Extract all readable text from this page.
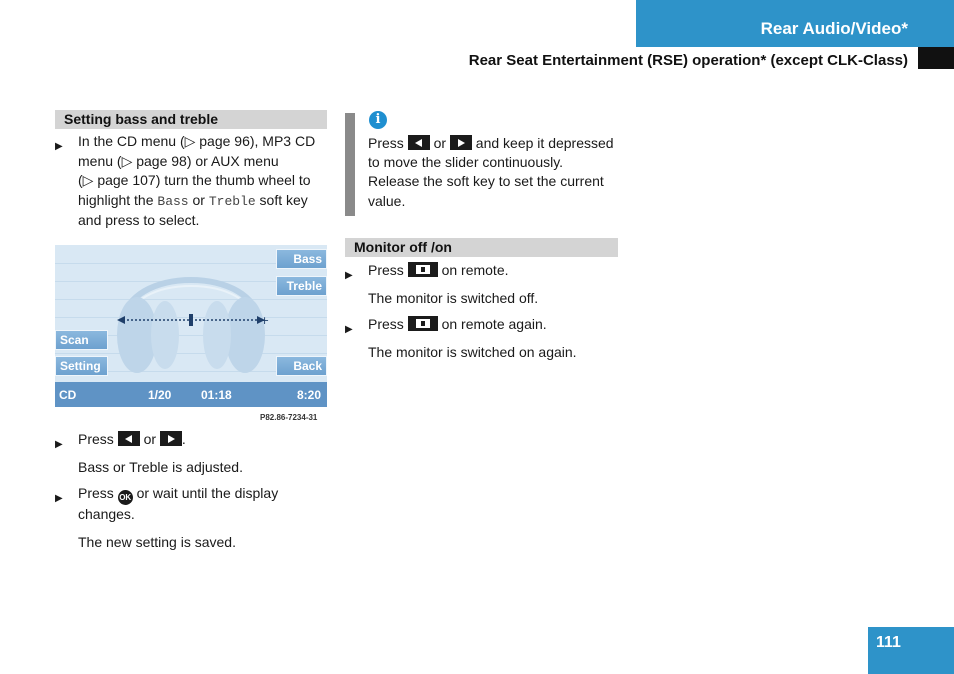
Rear Audio/Video*
Rear Seat Entertainment (RSE) operation* (except CLK-Class)
Setting bass and treble
▶ In the CD menu (▷ page 96), MP3 CD
menu (▷ page 98) or AUX menu
(▷ page 107) turn the thumb wheel to
highlight the Bass or Treble soft key
and press to select.
+
Bass
Treble
Scan
Setting	Back
CD	1/20 01:18	8:20
P82.86-7234-31
▶ Press  or .
Bass or Treble is adjusted.
▶ Press OK or wait until the display
changes.
The new setting is saved.
i
Press  or  and keep it depressed
to move the slider continuously.
Release the soft key to set the current
value.
Monitor off /on
▶ Press  on remote.
The monitor is switched off.
▶ Press  on remote again.
The monitor is switched on again.
111
